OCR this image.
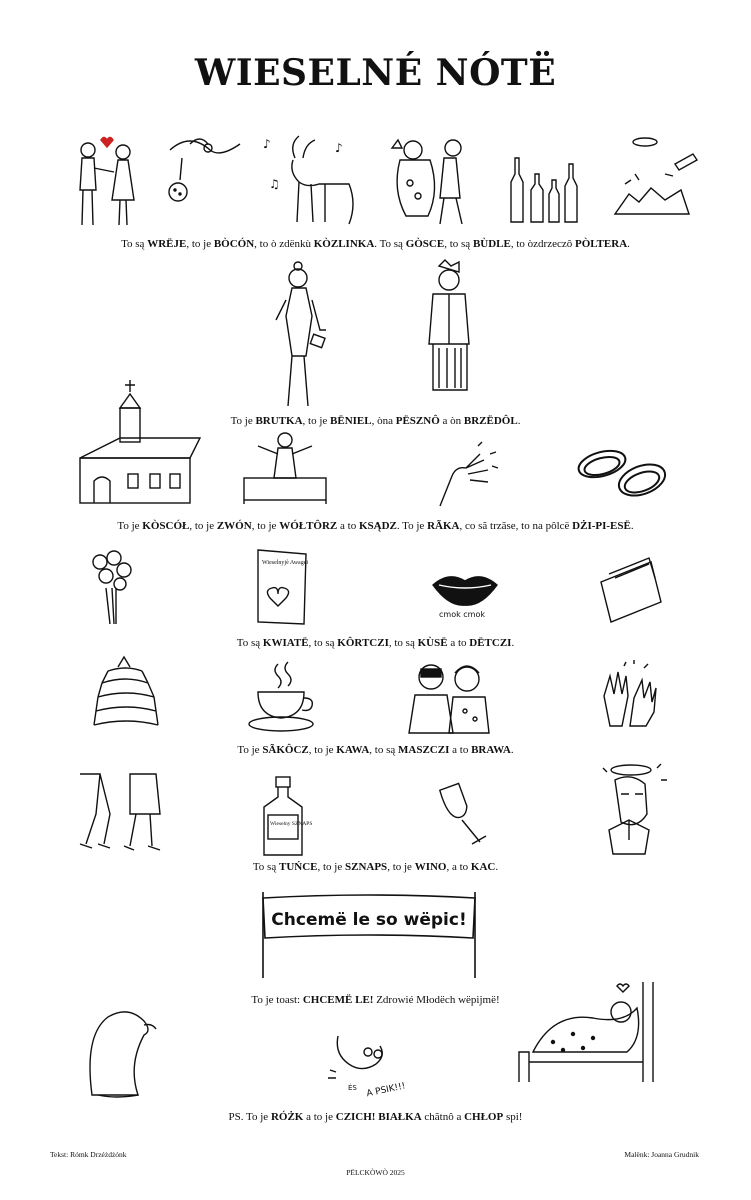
WIESELNÉ NÓTË
♪
♫
♪
To są WRËJE, to je BÒCÓN, to ò zdënkù KÒZLINKA. To są GÒSCE, to są BÙDLE, to òzdrzeczô PÒLTERA.
To je BRUTKA, to je BËNIEL, òna PËSZNÔ a òn BRZËDÔL.
To je KÒSCÓŁ, to je ZWÓN, to je WÓŁTÔRZ a to KSĄDZ. To je RÃKA, co sã trzãse, to na pôlcë DŻI-PI-ESË.
Wieselnyjè Awagei
cmok cmok
To są KWIATË, to są KÔRTCZI, to są KÙSË a to DËTCZI.
To je SÃKÔCZ, to je KAWA, to są MASZCZI a to BRAWA.
Wieselny SZNAPS
To są TUŃCE, to je SZNAPS, to je WINO, a to KAC.
Chcemë le so wëpic!
To je toast: CHCEMË LE! Zdrowié Młodëch wëpijmë!
ÉS A PSIK!!!
PS. To je RÓŻK a to je CZICH! BIAŁKA chãtnô a CHŁOP spi!
Tekst: Rómk Drzéżdżónk	Malënk: Joanna Grudnik
PËLCKÒWÒ 2025
